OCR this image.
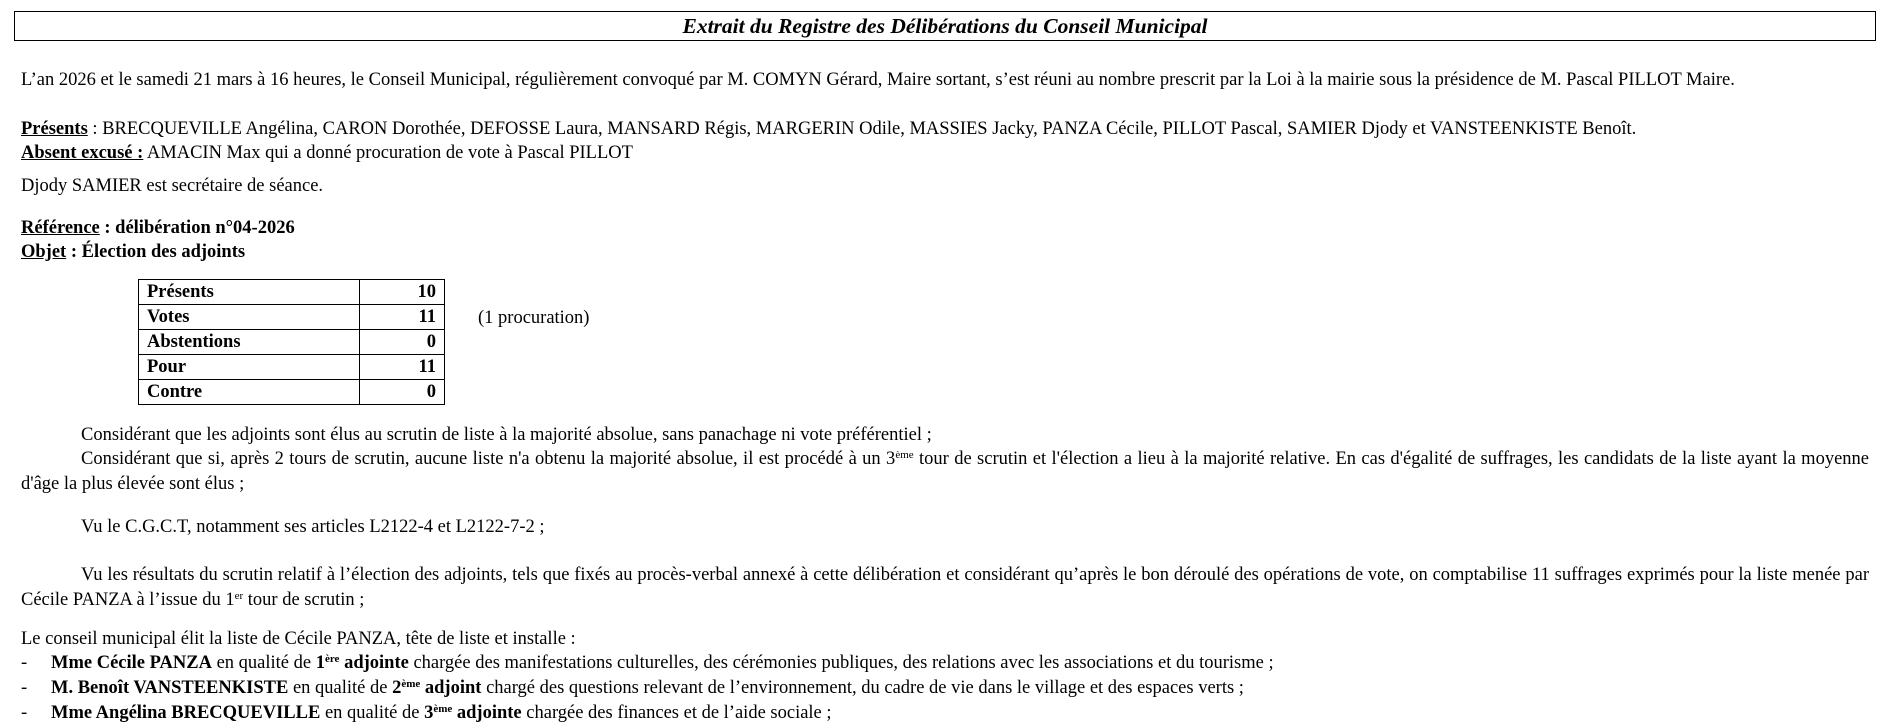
Extrait du Registre des Délibérations du Conseil Municipal

L’an 2026 et le samedi 21 mars à 16 heures, le Conseil Municipal, régulièrement convoqué par M. COMYN Gérard, Maire sortant, s’est réuni au nombre prescrit par la Loi à la mairie sous la présidence de M. Pascal PILLOT Maire.

Présents : BRECQUEVILLE Angélina, CARON Dorothée, DEFOSSE Laura, MANSARD Régis, MARGERIN Odile, MASSIES Jacky, PANZA Cécile, PILLOT Pascal, SAMIER Djody et VANSTEENKISTE Benoît.

Absent excusé : AMACIN Max qui a donné procuration de vote à Pascal PILLOT

Djody SAMIER est secrétaire de séance.

Référence : délibération n°04-2026

Objet : Élection des adjoints

Présents	10
Votes	11
Abstentions	0
Pour	11
Contre	0
(1 procuration)

Considérant que les adjoints sont élus au scrutin de liste à la majorité absolue, sans panachage ni vote préférentiel ;

Considérant que si, après 2 tours de scrutin, aucune liste n'a obtenu la majorité absolue, il est procédé à un 3ème tour de scrutin et l'élection a lieu à la majorité relative. En cas d'égalité de suffrages, les candidats de la liste ayant la moyenne d'âge la plus élevée sont élus ;

Vu le C.G.C.T, notamment ses articles L2122-4 et L2122-7-2 ;

Vu les résultats du scrutin relatif à l’élection des adjoints, tels que fixés au procès-verbal annexé à cette délibération et considérant qu’après le bon déroulé des opérations de vote, on comptabilise 11 suffrages exprimés pour la liste menée par Cécile PANZA à l’issue du 1er tour de scrutin ;

Le conseil municipal élit la liste de Cécile PANZA, tête de liste et installe :

- Mme Cécile PANZA en qualité de 1ère adjointe chargée des manifestations culturelles, des cérémonies publiques, des relations avec les associations et du tourisme ;

- M. Benoît VANSTEENKISTE en qualité de 2ème adjoint chargé des questions relevant de l’environnement, du cadre de vie dans le village et des espaces verts ;

- Mme Angélina BRECQUEVILLE en qualité de 3ème adjointe chargée des finances et de l’aide sociale ;
